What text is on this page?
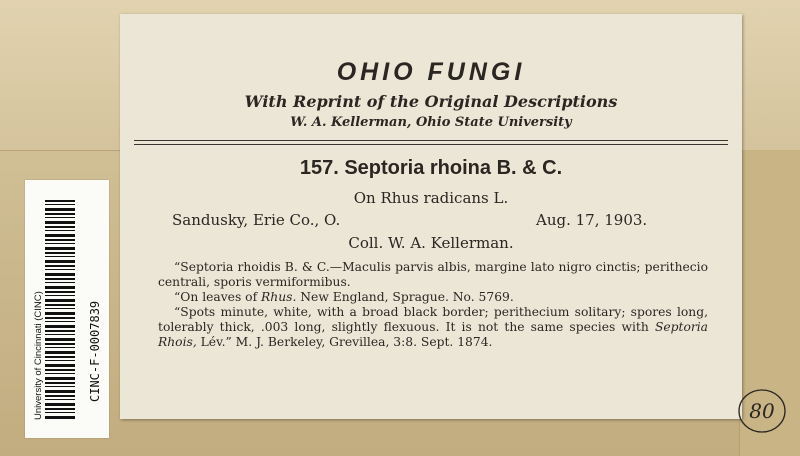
OHIO FUNGI
With Reprint of the Original Descriptions
W. A. Kellerman, Ohio State University
157. Septoria rhoina B. & C.
On Rhus radicans L.
Sandusky, Erie Co., O.	Aug. 17, 1903.
Coll. W. A. Kellerman.

“Septoria rhoidis B. & C.—Maculis parvis albis, margine lato nigro cinctis; perithecio centrali, sporis vermiformibus.

“On leaves of Rhus. New England, Sprague. No. 5769.

“Spots minute, white, with a broad black border; perithecium solitary; spores long, tolerably thick, .003 long, slightly flexuous. It is not the same species with Septoria Rhois, Lév.” M. J. Berkeley, Grevillea, 3:8. Sept. 1874.

University of Cincinnati (CINC)	CINC-F-0007839
80
